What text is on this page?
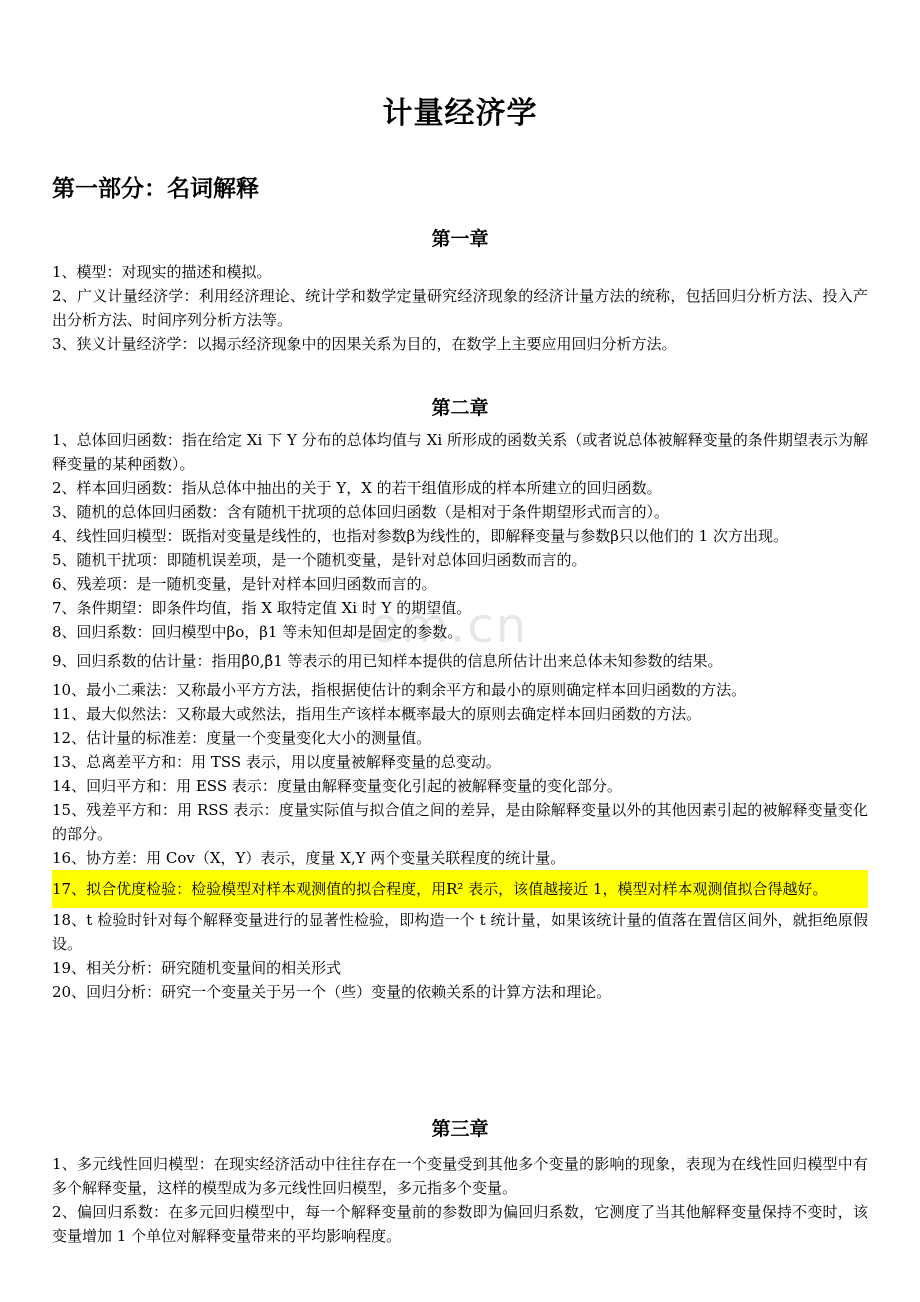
om.cn
计量经济学
第一部分：名词解释
第一章

1、模型：对现实的描述和模拟。

2、广义计量经济学：利用经济理论、统计学和数学定量研究经济现象的经济计量方法的统称，包括回归分析方法、投入产出分析方法、时间序列分析方法等。

3、狭义计量经济学：以揭示经济现象中的因果关系为目的，在数学上主要应用回归分析方法。

第二章

1、总体回归函数：指在给定 Xi 下 Y 分布的总体均值与 Xi 所形成的函数关系（或者说总体被解释变量的条件期望表示为解释变量的某种函数）。

2、样本回归函数：指从总体中抽出的关于 Y，X 的若干组值形成的样本所建立的回归函数。

3、随机的总体回归函数：含有随机干扰项的总体回归函数（是相对于条件期望形式而言的）。

4、线性回归模型：既指对变量是线性的，也指对参数β为线性的，即解释变量与参数β只以他们的 1 次方出现。

5、随机干扰项：即随机误差项，是一个随机变量，是针对总体回归函数而言的。

6、残差项：是一随机变量，是针对样本回归函数而言的。

7、条件期望：即条件均值，指 X 取特定值 Xi 时 Y 的期望值。

8、回归系数：回归模型中βo，β1 等未知但却是固定的参数。

9、回归系数的估计量：指用β̂0,β̂1 等表示的用已知样本提供的信息所估计出来总体未知参数的结果。

10、最小二乘法：又称最小平方方法，指根据使估计的剩余平方和最小的原则确定样本回归函数的方法。

11、最大似然法：又称最大或然法，指用生产该样本概率最大的原则去确定样本回归函数的方法。

12、估计量的标准差：度量一个变量变化大小的测量值。

13、总离差平方和：用 TSS 表示，用以度量被解释变量的总变动。

14、回归平方和：用 ESS 表示：度量由解释变量变化引起的被解释变量的变化部分。

15、残差平方和：用 RSS 表示：度量实际值与拟合值之间的差异，是由除解释变量以外的其他因素引起的被解释变量变化的部分。

16、协方差：用 Cov（X，Y）表示，度量 X,Y 两个变量关联程度的统计量。

17、拟合优度检验：检验模型对样本观测值的拟合程度，用R² 表示，该值越接近 1，模型对样本观测值拟合得越好。

18、t 检验时针对每个解释变量进行的显著性检验，即构造一个 t 统计量，如果该统计量的值落在置信区间外，就拒绝原假设。

19、相关分析：研究随机变量间的相关形式

20、回归分析：研究一个变量关于另一个（些）变量的依赖关系的计算方法和理论。

第三章

1、多元线性回归模型：在现实经济活动中往往存在一个变量受到其他多个变量的影响的现象，表现为在线性回归模型中有多个解释变量，这样的模型成为多元线性回归模型，多元指多个变量。

2、偏回归系数：在多元回归模型中，每一个解释变量前的参数即为偏回归系数，它测度了当其他解释变量保持不变时，该变量增加 1 个单位对解释变量带来的平均影响程度。
